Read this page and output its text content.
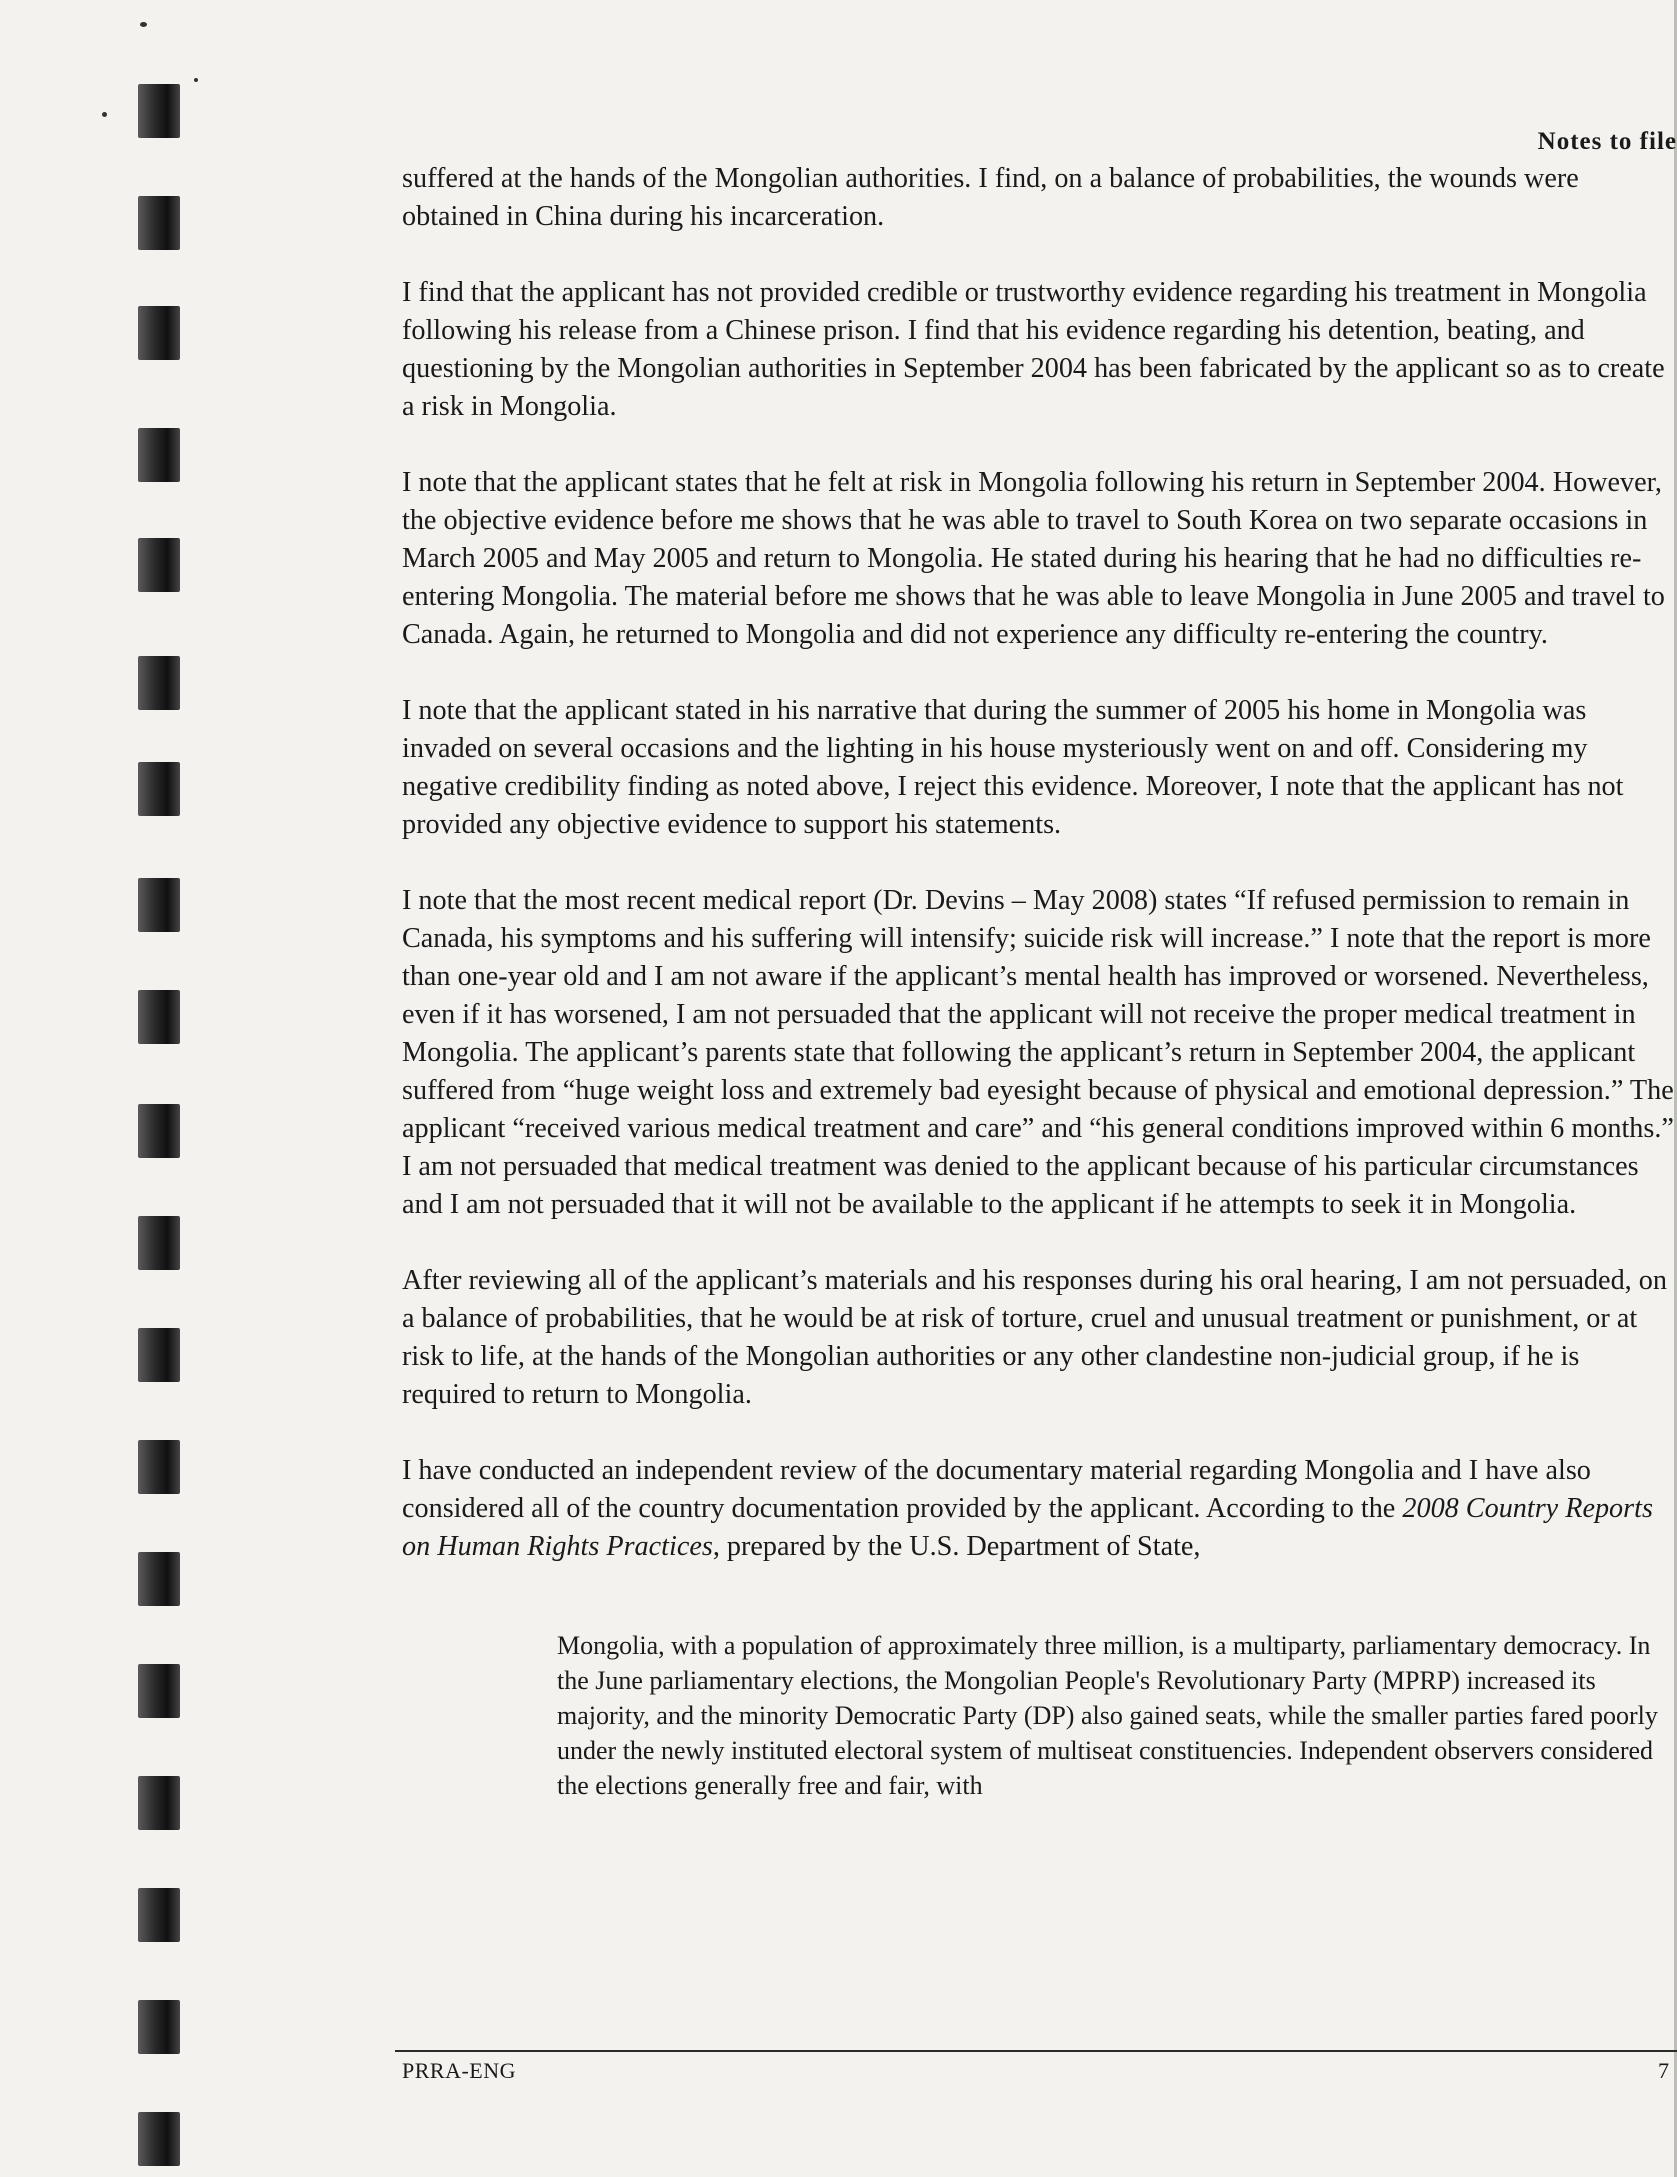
Notes to file

suffered at the hands of the Mongolian authorities. I find, on a balance of probabilities, the wounds were obtained in China during his incarceration.

I find that the applicant has not provided credible or trustworthy evidence regarding his treatment in Mongolia following his release from a Chinese prison. I find that his evidence regarding his detention, beating, and questioning by the Mongolian authorities in September 2004 has been fabricated by the applicant so as to create a risk in Mongolia.

I note that the applicant states that he felt at risk in Mongolia following his return in September 2004. However, the objective evidence before me shows that he was able to travel to South Korea on two separate occasions in March 2005 and May 2005 and return to Mongolia. He stated during his hearing that he had no difficulties re-entering Mongolia. The material before me shows that he was able to leave Mongolia in June 2005 and travel to Canada. Again, he returned to Mongolia and did not experience any difficulty re-entering the country.

I note that the applicant stated in his narrative that during the summer of 2005 his home in Mongolia was invaded on several occasions and the lighting in his house mysteriously went on and off. Considering my negative credibility finding as noted above, I reject this evidence. Moreover, I note that the applicant has not provided any objective evidence to support his statements.

I note that the most recent medical report (Dr. Devins – May 2008) states “If refused permission to remain in Canada, his symptoms and his suffering will intensify; suicide risk will increase.” I note that the report is more than one-year old and I am not aware if the applicant’s mental health has improved or worsened. Nevertheless, even if it has worsened, I am not persuaded that the applicant will not receive the proper medical treatment in Mongolia. The applicant’s parents state that following the applicant’s return in September 2004, the applicant suffered from “huge weight loss and extremely bad eyesight because of physical and emotional depression.” The applicant “received various medical treatment and care” and “his general conditions improved within 6 months.” I am not persuaded that medical treatment was denied to the applicant because of his particular circumstances and I am not persuaded that it will not be available to the applicant if he attempts to seek it in Mongolia.

After reviewing all of the applicant’s materials and his responses during his oral hearing, I am not persuaded, on a balance of probabilities, that he would be at risk of torture, cruel and unusual treatment or punishment, or at risk to life, at the hands of the Mongolian authorities or any other clandestine non-judicial group, if he is required to return to Mongolia.

I have conducted an independent review of the documentary material regarding Mongolia and I have also considered all of the country documentation provided by the applicant. According to the 2008 Country Reports on Human Rights Practices, prepared by the U.S. Department of State,

Mongolia, with a population of approximately three million, is a multiparty, parliamentary democracy. In the June parliamentary elections, the Mongolian People's Revolutionary Party (MPRP) increased its majority, and the minority Democratic Party (DP) also gained seats, while the smaller parties fared poorly under the newly instituted electoral system of multiseat constituencies. Independent observers considered the elections generally free and fair, with

PRRA-ENG	7
